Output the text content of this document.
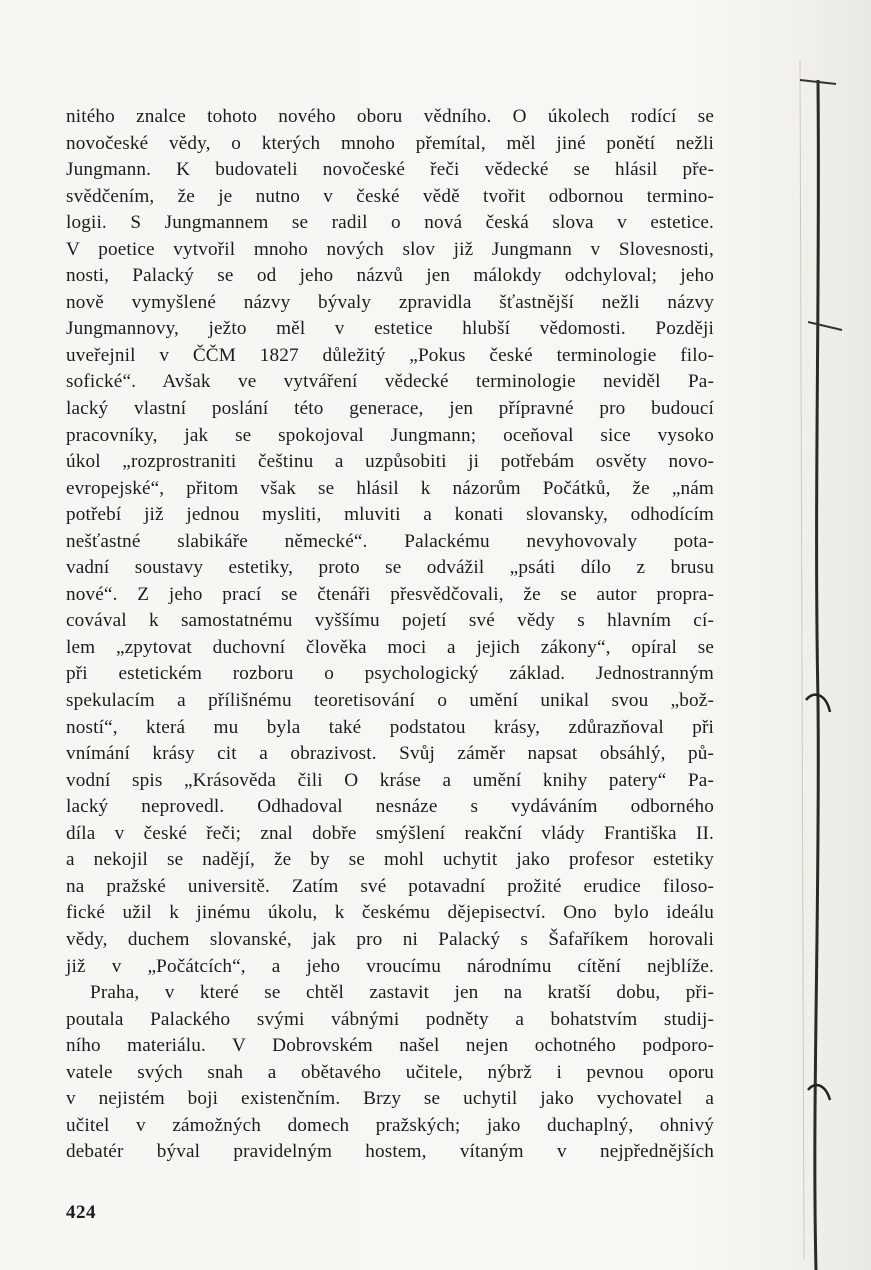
nitého znalce tohoto nového oboru vědního. O úkolech rodící se
novočeské vědy, o kterých mnoho přemítal, měl jiné ponětí nežli
Jungmann. K budovateli novočeské řeči vědecké se hlásil pře-
svědčením, že je nutno v české vědě tvořit odbornou termino-
logii. S Jungmannem se radil o nová česká slova v estetice.
V poetice vytvořil mnoho nových slov již Jungmann v Slovesnosti,
nosti, Palacký se od jeho názvů jen málokdy odchyloval; jeho
nově vymyšlené názvy bývaly zpravidla šťastnější nežli názvy
Jungmannovy, ježto měl v estetice hlubší vědomosti. Později
uveřejnil v ČČM 1827 důležitý „Pokus české terminologie filo-
sofické“. Avšak ve vytváření vědecké terminologie neviděl Pa-
lacký vlastní poslání této generace, jen přípravné pro budoucí
pracovníky, jak se spokojoval Jungmann; oceňoval sice vysoko
úkol „rozprostraniti češtinu a uzpůsobiti ji potřebám osvěty novo-
evropejské“, přitom však se hlásil k názorům Počátků, že „nám
potřebí již jednou mysliti, mluviti a konati slovansky, odhodícím
nešťastné slabikáře německé“. Palackému nevyhovovaly pota-
vadní soustavy estetiky, proto se odvážil „psáti dílo z brusu
nové“. Z jeho prací se čtenáři přesvědčovali, že se autor propra-
covával k samostatnému vyššímu pojetí své vědy s hlavním cí-
lem „zpytovat duchovní člověka moci a jejich zákony“, opíral se
při estetickém rozboru o psychologický základ. Jednostranným
spekulacím a přílišnému teoretisování o umění unikal svou „bož-
ností“, která mu byla také podstatou krásy, zdůrazňoval při
vnímání krásy cit a obrazivost. Svůj záměr napsat obsáhlý, pů-
vodní spis „Krásověda čili O kráse a umění knihy patery“ Pa-
lacký neprovedl. Odhadoval nesnáze s vydáváním odborného
díla v české řeči; znal dobře smýšlení reakční vlády Františka II.
a nekojil se nadějí, že by se mohl uchytit jako profesor estetiky
na pražské universitě. Zatím své potavadní prožité erudice filoso-
fické užil k jinému úkolu, k českému dějepisectví. Ono bylo ideálu
vědy, duchem slovanské, jak pro ni Palacký s Šafaříkem horovali
již v „Počátcích“, a jeho vroucímu národnímu cítění nejblíže.
Praha, v které se chtěl zastavit jen na kratší dobu, při-
poutala Palackého svými vábnými podněty a bohatstvím studij-
ního materiálu. V Dobrovském našel nejen ochotného podporo-
vatele svých snah a obětavého učitele, nýbrž i pevnou oporu
v nejistém boji existenčním. Brzy se uchytil jako vychovatel a
učitel v zámožných domech pražských; jako duchaplný, ohnivý
debatér býval pravidelným hostem, vítaným v nejpřednějších
424
